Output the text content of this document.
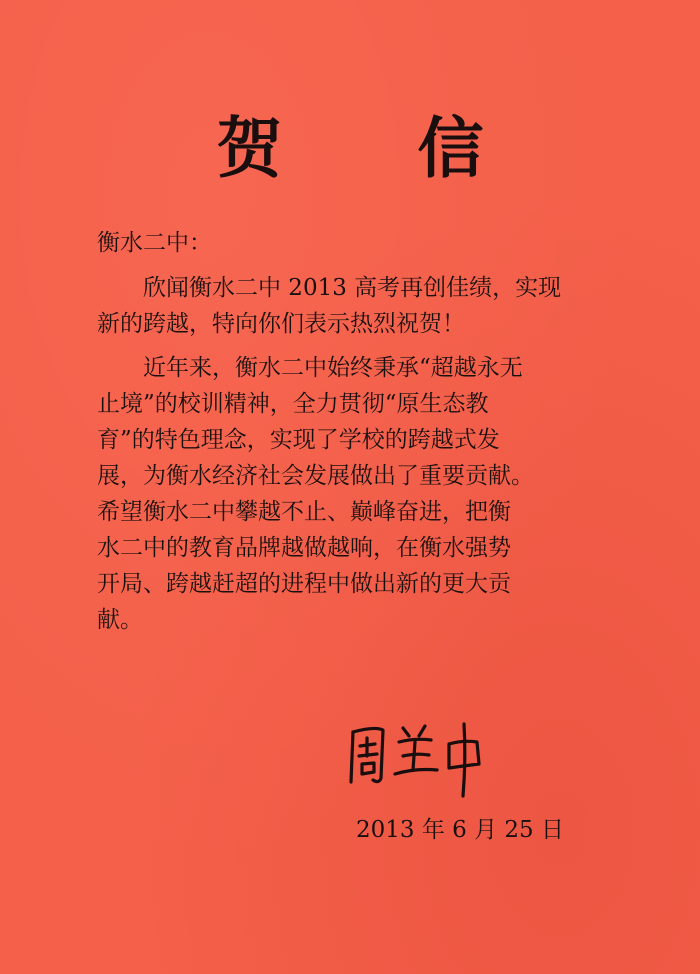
贺 信
衡水二中：
欣闻衡水二中 2013 高考再创佳绩，实现
新的跨越，特向你们表示热烈祝贺！
近年来，衡水二中始终秉承“超越永无
止境”的校训精神，全力贯彻“原生态教
育”的特色理念，实现了学校的跨越式发
展，为衡水经济社会发展做出了重要贡献。
希望衡水二中攀越不止、巅峰奋进，把衡
水二中的教育品牌越做越响，在衡水强势
开局、跨越赶超的进程中做出新的更大贡
献。
2013 年 6 月 25 日
